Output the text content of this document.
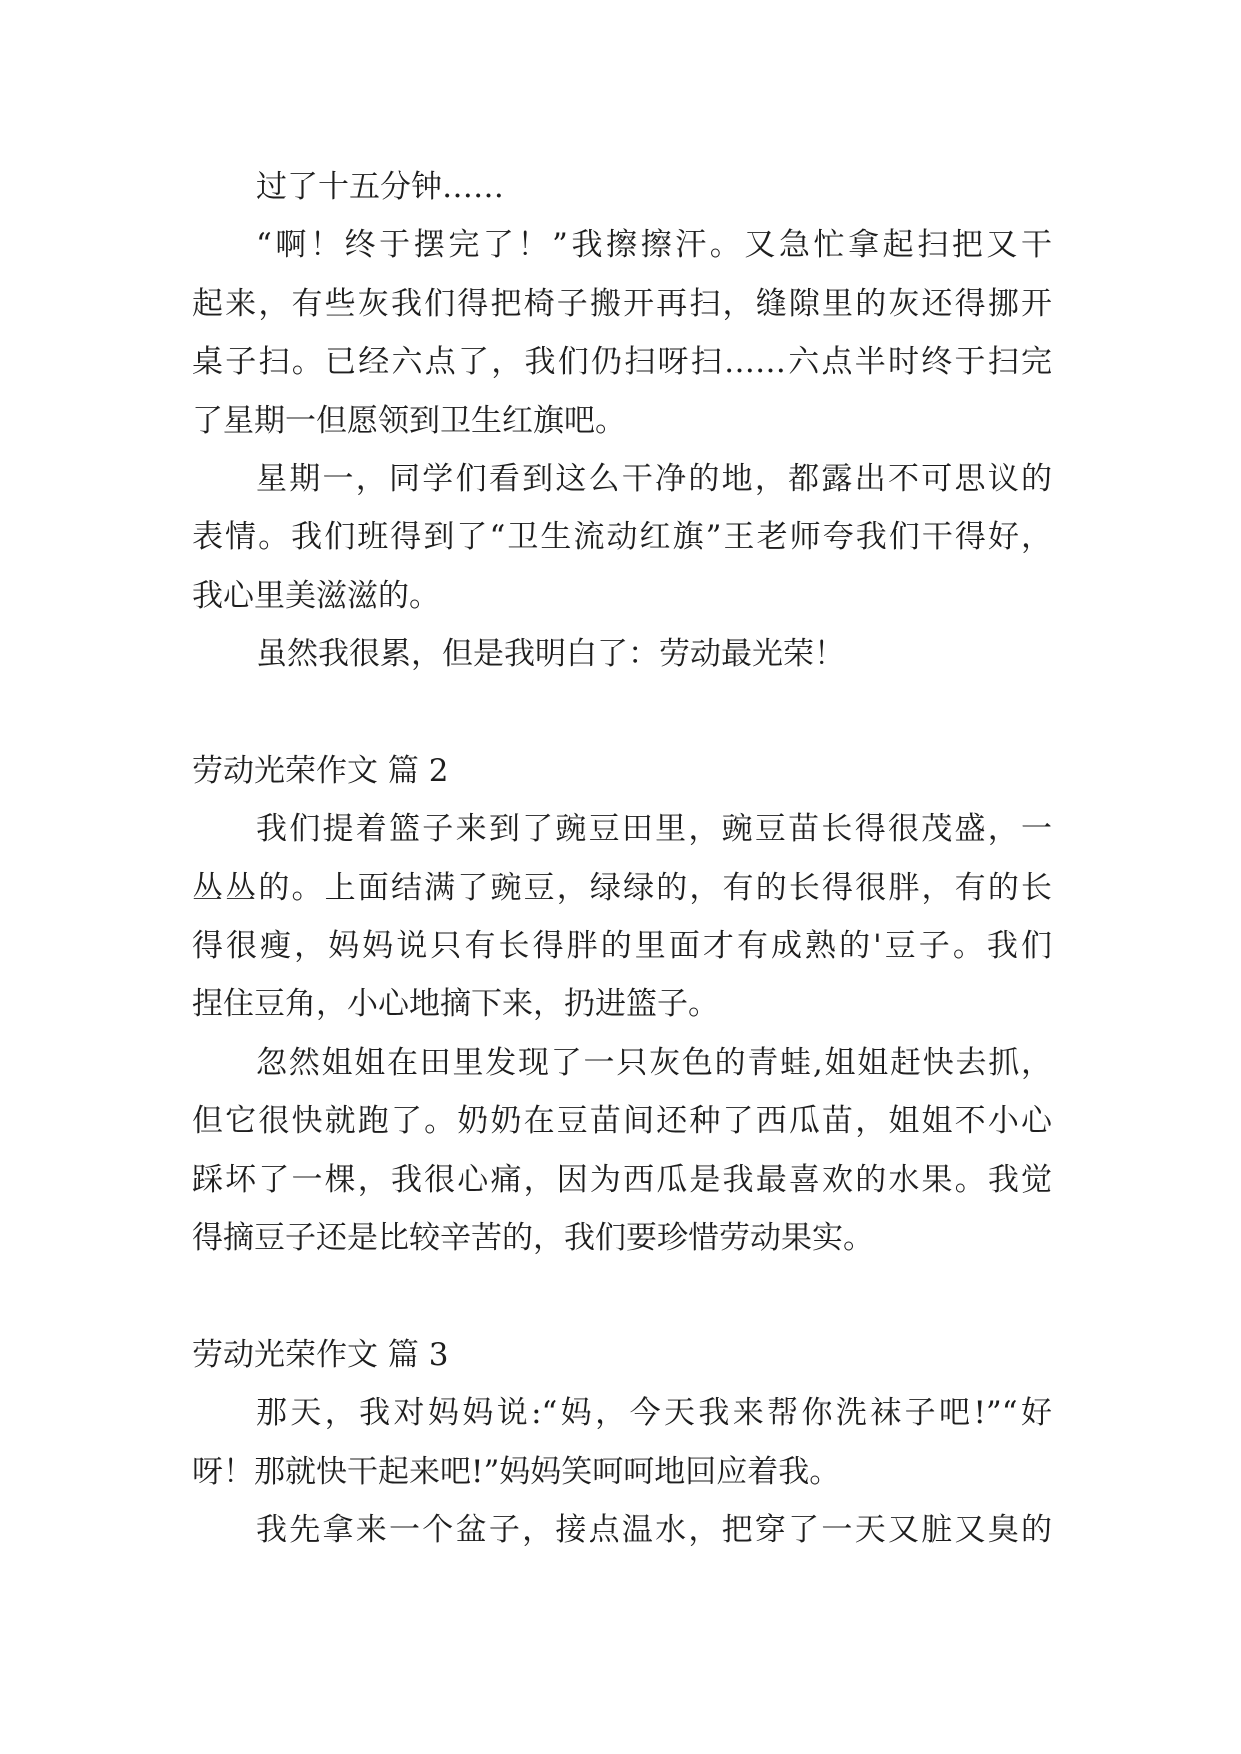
过了十五分钟……
“啊！终于摆完了！”我擦擦汗。又急忙拿起扫把又干
起来，有些灰我们得把椅子搬开再扫，缝隙里的灰还得挪开
桌子扫。已经六点了，我们仍扫呀扫……六点半时终于扫完
了星期一但愿领到卫生红旗吧。
星期一，同学们看到这么干净的地，都露出不可思议的
表情。我们班得到了“卫生流动红旗”王老师夸我们干得好，
我心里美滋滋的。
虽然我很累，但是我明白了：劳动最光荣！
劳动光荣作文 篇 2
我们提着篮子来到了豌豆田里，豌豆苗长得很茂盛，一
丛丛的。上面结满了豌豆，绿绿的，有的长得很胖，有的长
得很瘦，妈妈说只有长得胖的里面才有成熟的'豆子。我们
捏住豆角，小心地摘下来，扔进篮子。
忽然姐姐在田里发现了一只灰色的青蛙,姐姐赶快去抓，
但它很快就跑了。奶奶在豆苗间还种了西瓜苗，姐姐不小心
踩坏了一棵，我很心痛，因为西瓜是我最喜欢的水果。我觉
得摘豆子还是比较辛苦的，我们要珍惜劳动果实。
劳动光荣作文 篇 3
那天，我对妈妈说:“妈，今天我来帮你洗袜子吧!”“好
呀！那就快干起来吧!”妈妈笑呵呵地回应着我。
我先拿来一个盆子，接点温水，把穿了一天又脏又臭的
